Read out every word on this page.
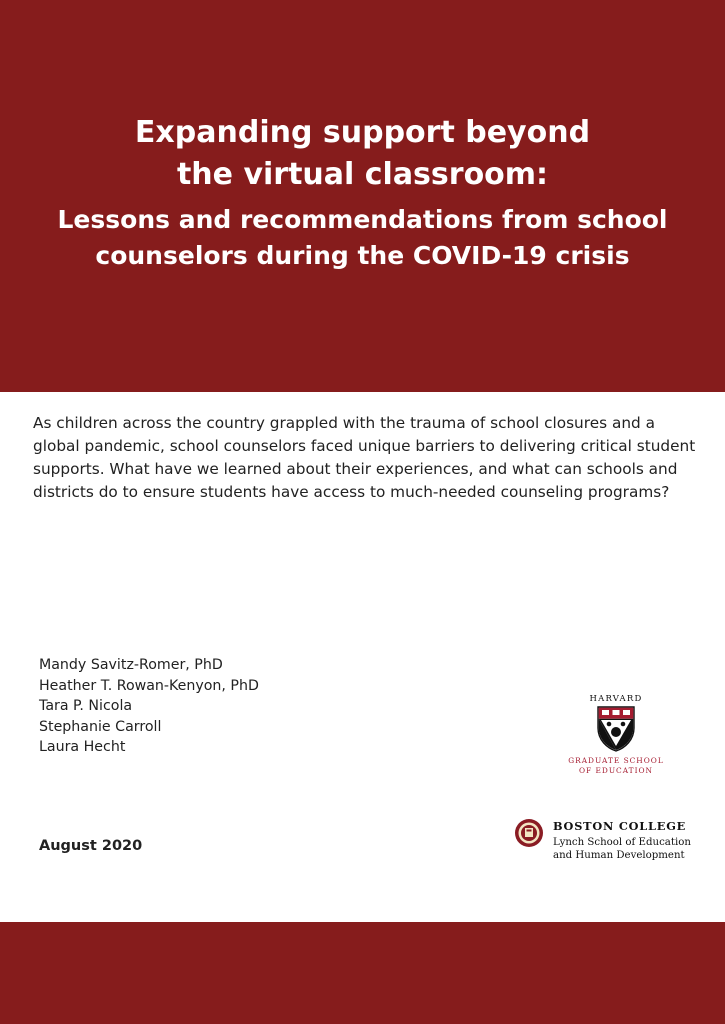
Expanding support beyond
the virtual classroom:
Lessons and recommendations from school
counselors during the COVID-19 crisis

As children across the country grappled with the trauma of school closures and a global pandemic, school counselors faced unique barriers to delivering critical student supports. What have we learned about their experiences, and what can schools and districts do to ensure students have access to much-needed counseling programs?

Mandy Savitz-Romer, PhD
Heather T. Rowan-Kenyon, PhD
Tara P. Nicola
Stephanie Carroll
Laura Hecht
August 2020
HARVARD
GRADUATE SCHOOL
OF EDUCATION
BOSTON COLLEGE
Lynch School of Education
and Human Development
